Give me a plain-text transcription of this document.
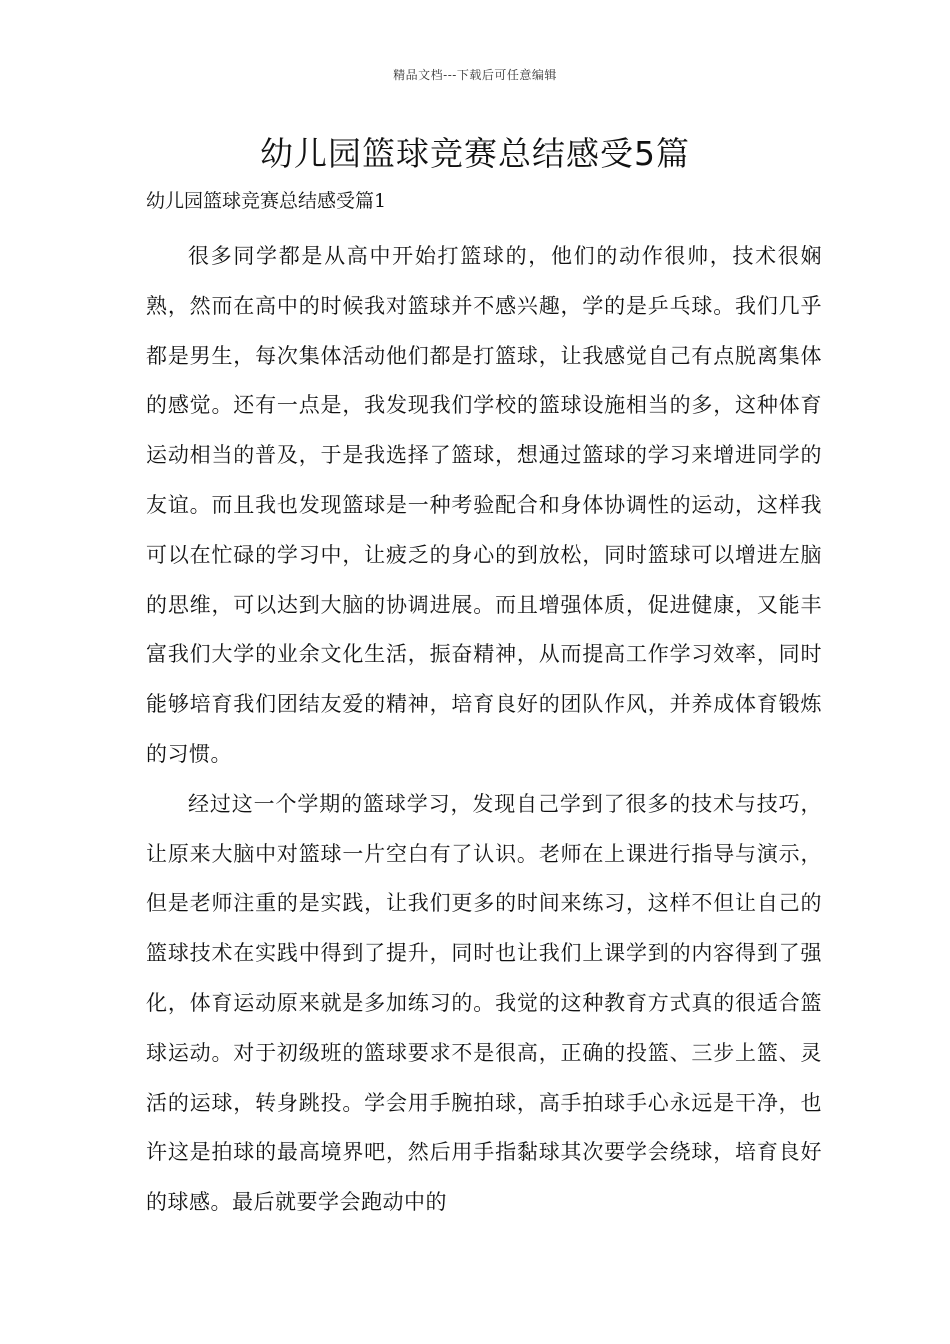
精品文档---下载后可任意编辑
幼儿园篮球竞赛总结感受5篇
幼儿园篮球竞赛总结感受篇1

很多同学都是从高中开始打篮球的，他们的动作很帅，技术很娴熟，然而在高中的时候我对篮球并不感兴趣，学的是乒乓球。我们几乎都是男生，每次集体活动他们都是打篮球，让我感觉自己有点脱离集体的感觉。还有一点是，我发现我们学校的篮球设施相当的多，这种体育运动相当的普及，于是我选择了篮球，想通过篮球的学习来增进同学的友谊。而且我也发现篮球是一种考验配合和身体协调性的运动，这样我可以在忙碌的学习中，让疲乏的身心的到放松，同时篮球可以增进左脑的思维，可以达到大脑的协调进展。而且增强体质，促进健康，又能丰富我们大学的业余文化生活，振奋精神，从而提高工作学习效率，同时能够培育我们团结友爱的精神，培育良好的团队作风，并养成体育锻炼的习惯。

经过这一个学期的篮球学习，发现自己学到了很多的技术与技巧，让原来大脑中对篮球一片空白有了认识。老师在上课进行指导与演示，但是老师注重的是实践，让我们更多的时间来练习，这样不但让自己的篮球技术在实践中得到了提升，同时也让我们上课学到的内容得到了强化，体育运动原来就是多加练习的。我觉的这种教育方式真的很适合篮球运动。对于初级班的篮球要求不是很高，正确的投篮、三步上篮、灵活的运球，转身跳投。学会用手腕拍球，高手拍球手心永远是干净，也许这是拍球的最高境界吧，然后用手指黏球其次要学会绕球，培育良好的球感。最后就要学会跑动中的
